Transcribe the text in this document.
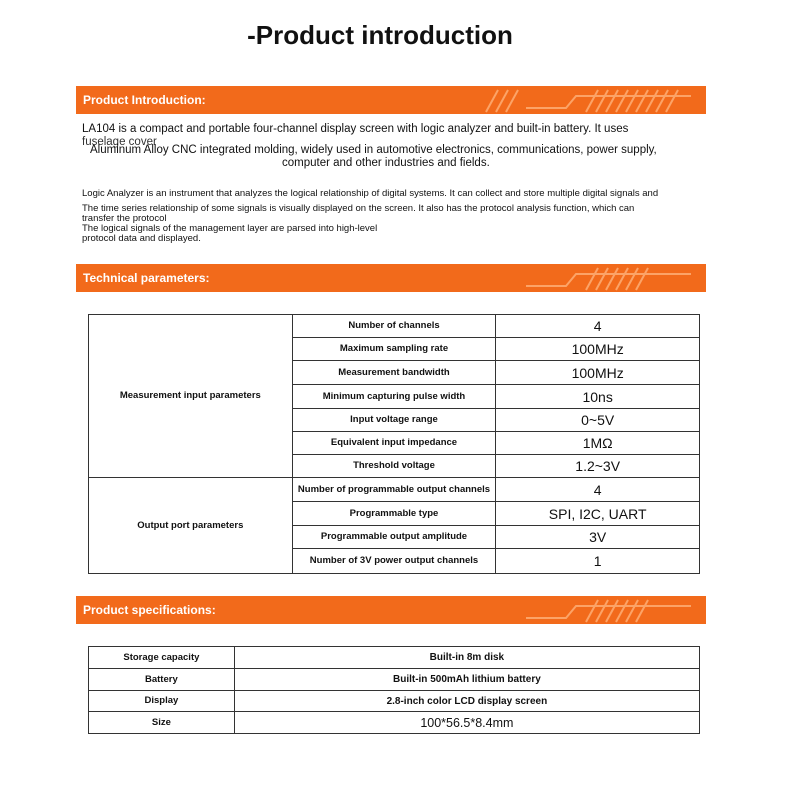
-Product introduction
Product Introduction:
LA104 is a compact and portable four-channel display screen with logic analyzer and built-in battery. It uses
fuselage cover
Aluminum Alloy CNC integrated molding, widely used in automotive electronics, communications, power supply,
computer and other industries and fields.
Logic Analyzer is an instrument that analyzes the logical relationship of digital systems. It can collect and store multiple digital signals and
The time series relationship of some signals is visually displayed on the screen. It also has the protocol analysis function, which can
transfer the protocol
The logical signals of the management layer are parsed into high-level
protocol data and displayed.
Technical parameters:
Measurement input parameters	Number of channels	4
	Maximum sampling rate	100MHz
	Measurement bandwidth	100MHz
	Minimum capturing pulse width	10ns
	Input voltage range	0~5V
	Equivalent input impedance	1MΩ
	Threshold voltage	1.2~3V
Output port parameters	Number of programmable output channels	4
	Programmable type	SPI, I2C, UART
	Programmable output amplitude	3V
	Number of 3V power output channels	1
Product specifications:
Storage capacity	Built-in 8m disk
Battery	Built-in 500mAh lithium battery
Display	2.8-inch color LCD display screen
Size	100*56.5*8.4mm
